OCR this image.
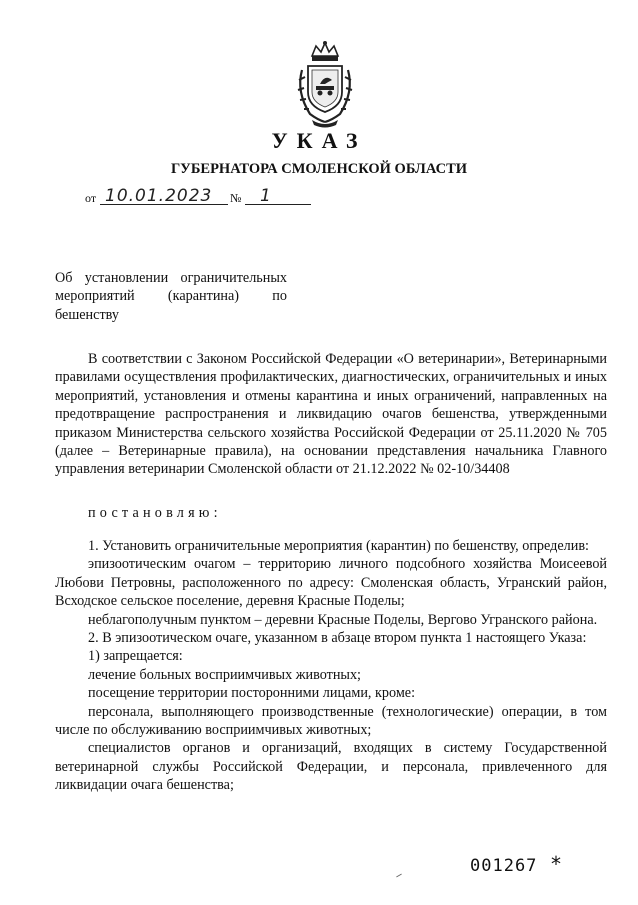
УКАЗ
ГУБЕРНАТОРА СМОЛЕНСКОЙ ОБЛАСТИ
от 10.01.2023 № 1
Об установлении ограничительных мероприятий (карантина) по бешенству

В соответствии с Законом Российской Федерации «О ветеринарии», Ветеринарными правилами осуществления профилактических, диагностических, ограничительных и иных мероприятий, установления и отмены карантина и иных ограничений, направленных на предотвращение распространения и ликвидацию очагов бешенства, утвержденными приказом Министерства сельского хозяйства Российской Федерации от 25.11.2020 № 705 (далее – Ветеринарные правила), на основании представления начальника Главного управления ветеринарии Смоленской области от 21.12.2022 № 02-10/34408

постановляю:

1. Установить ограничительные мероприятия (карантин) по бешенству, определив:

эпизоотическим очагом – территорию личного подсобного хозяйства Моисеевой Любови Петровны, расположенного по адресу: Смоленская область, Угранский район, Всходское сельское поселение, деревня Красные Поделы;

неблагополучным пунктом – деревни Красные Поделы, Вергово Угранского района.

2. В эпизоотическом очаге, указанном в абзаце втором пункта 1 настоящего Указа:

1) запрещается:

лечение больных восприимчивых животных;

посещение территории посторонними лицами, кроме:

персонала, выполняющего производственные (технологические) операции, в том числе по обслуживанию восприимчивых животных;

специалистов органов и организаций, входящих в систему Государственной ветеринарной службы Российской Федерации, и персонала, привлеченного для ликвидации очага бешенства;

001267 *
